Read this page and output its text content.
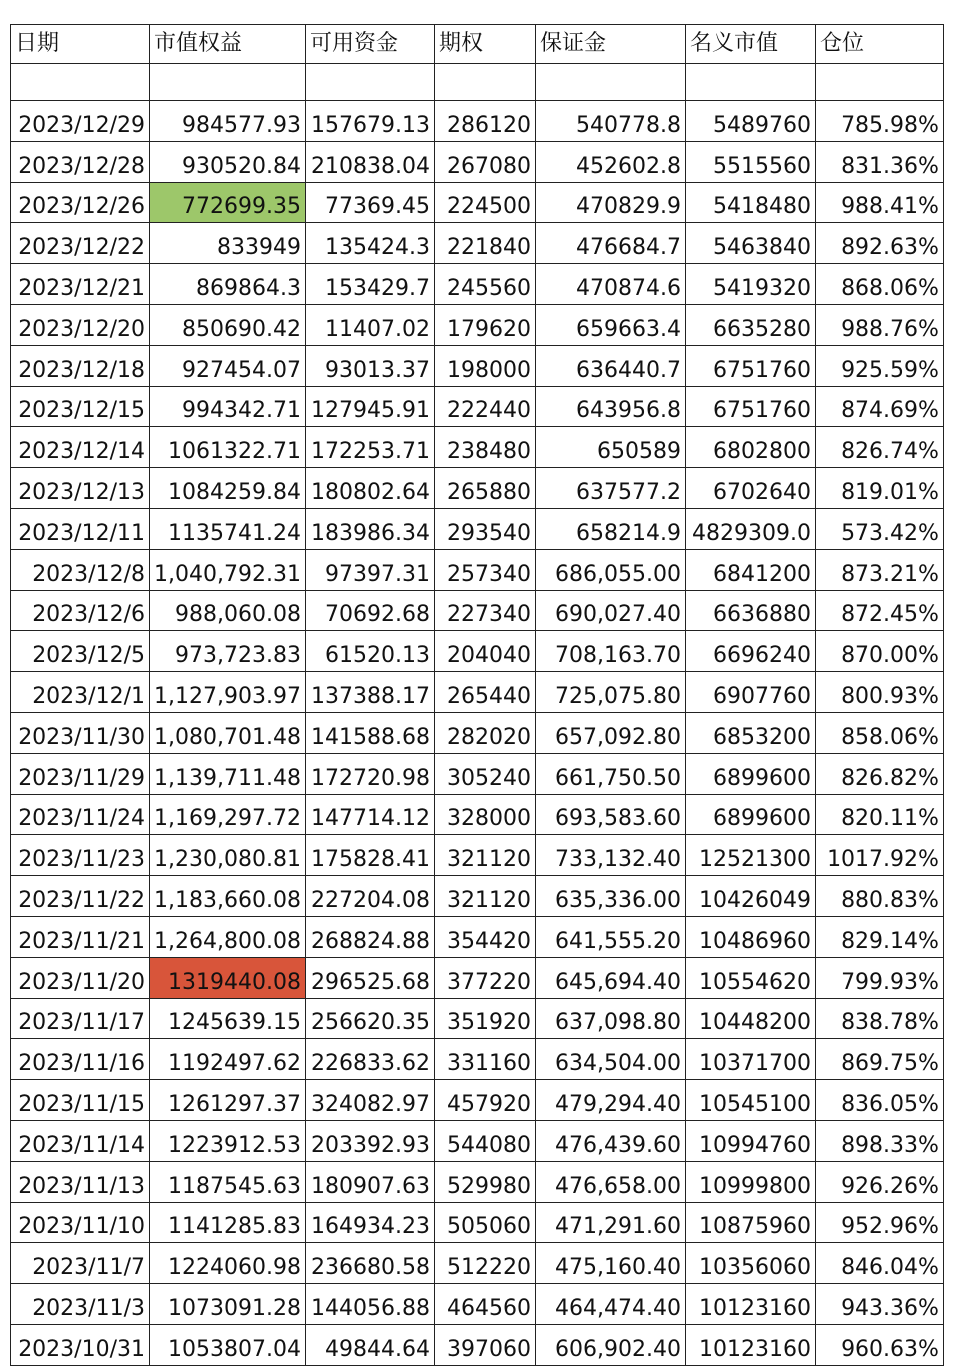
日期	市值权益	可用资金	期权	保证金	名义市值	仓位

2023/12/29	984577.93	157679.13	286120	540778.8	5489760	785.98%
2023/12/28	930520.84	210838.04	267080	452602.8	5515560	831.36%
2023/12/26	772699.35	77369.45	224500	470829.9	5418480	988.41%
2023/12/22	833949	135424.3	221840	476684.7	5463840	892.63%
2023/12/21	869864.3	153429.7	245560	470874.6	5419320	868.06%
2023/12/20	850690.42	11407.02	179620	659663.4	6635280	988.76%
2023/12/18	927454.07	93013.37	198000	636440.7	6751760	925.59%
2023/12/15	994342.71	127945.91	222440	643956.8	6751760	874.69%
2023/12/14	1061322.71	172253.71	238480	650589	6802800	826.74%
2023/12/13	1084259.84	180802.64	265880	637577.2	6702640	819.01%
2023/12/11	1135741.24	183986.34	293540	658214.9	4829309.0	573.42%
2023/12/8	1,040,792.31	97397.31	257340	686,055.00	6841200	873.21%
2023/12/6	988,060.08	70692.68	227340	690,027.40	6636880	872.45%
2023/12/5	973,723.83	61520.13	204040	708,163.70	6696240	870.00%
2023/12/1	1,127,903.97	137388.17	265440	725,075.80	6907760	800.93%
2023/11/30	1,080,701.48	141588.68	282020	657,092.80	6853200	858.06%
2023/11/29	1,139,711.48	172720.98	305240	661,750.50	6899600	826.82%
2023/11/24	1,169,297.72	147714.12	328000	693,583.60	6899600	820.11%
2023/11/23	1,230,080.81	175828.41	321120	733,132.40	12521300	1017.92%
2023/11/22	1,183,660.08	227204.08	321120	635,336.00	10426049	880.83%
2023/11/21	1,264,800.08	268824.88	354420	641,555.20	10486960	829.14%
2023/11/20	1319440.08	296525.68	377220	645,694.40	10554620	799.93%
2023/11/17	1245639.15	256620.35	351920	637,098.80	10448200	838.78%
2023/11/16	1192497.62	226833.62	331160	634,504.00	10371700	869.75%
2023/11/15	1261297.37	324082.97	457920	479,294.40	10545100	836.05%
2023/11/14	1223912.53	203392.93	544080	476,439.60	10994760	898.33%
2023/11/13	1187545.63	180907.63	529980	476,658.00	10999800	926.26%
2023/11/10	1141285.83	164934.23	505060	471,291.60	10875960	952.96%
2023/11/7	1224060.98	236680.58	512220	475,160.40	10356060	846.04%
2023/11/3	1073091.28	144056.88	464560	464,474.40	10123160	943.36%
2023/10/31	1053807.04	49844.64	397060	606,902.40	10123160	960.63%
